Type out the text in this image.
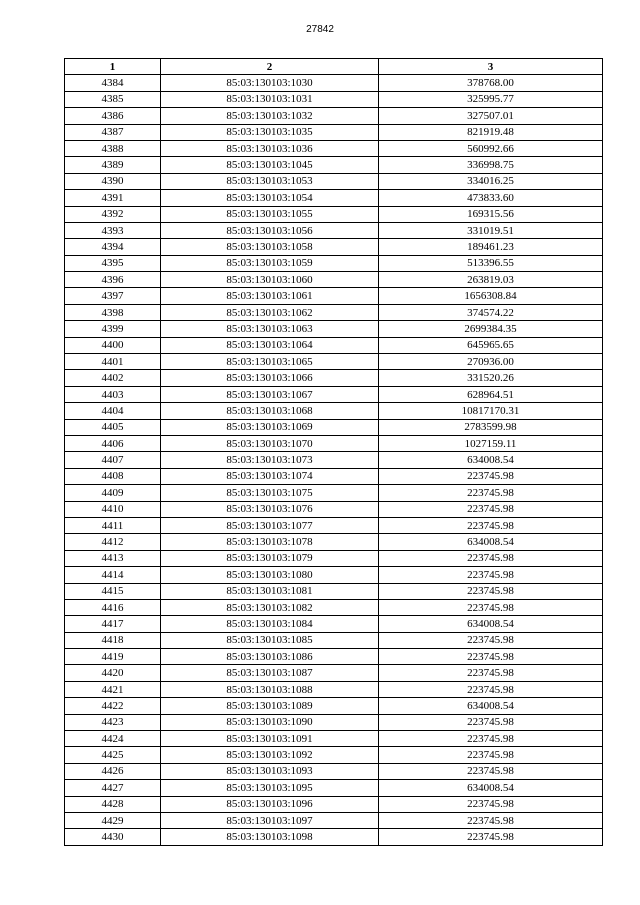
27842
1	2	3
4384	85:03:130103:1030	378768.00
4385	85:03:130103:1031	325995.77
4386	85:03:130103:1032	327507.01
4387	85:03:130103:1035	821919.48
4388	85:03:130103:1036	560992.66
4389	85:03:130103:1045	336998.75
4390	85:03:130103:1053	334016.25
4391	85:03:130103:1054	473833.60
4392	85:03:130103:1055	169315.56
4393	85:03:130103:1056	331019.51
4394	85:03:130103:1058	189461.23
4395	85:03:130103:1059	513396.55
4396	85:03:130103:1060	263819.03
4397	85:03:130103:1061	1656308.84
4398	85:03:130103:1062	374574.22
4399	85:03:130103:1063	2699384.35
4400	85:03:130103:1064	645965.65
4401	85:03:130103:1065	270936.00
4402	85:03:130103:1066	331520.26
4403	85:03:130103:1067	628964.51
4404	85:03:130103:1068	10817170.31
4405	85:03:130103:1069	2783599.98
4406	85:03:130103:1070	1027159.11
4407	85:03:130103:1073	634008.54
4408	85:03:130103:1074	223745.98
4409	85:03:130103:1075	223745.98
4410	85:03:130103:1076	223745.98
4411	85:03:130103:1077	223745.98
4412	85:03:130103:1078	634008.54
4413	85:03:130103:1079	223745.98
4414	85:03:130103:1080	223745.98
4415	85:03:130103:1081	223745.98
4416	85:03:130103:1082	223745.98
4417	85:03:130103:1084	634008.54
4418	85:03:130103:1085	223745.98
4419	85:03:130103:1086	223745.98
4420	85:03:130103:1087	223745.98
4421	85:03:130103:1088	223745.98
4422	85:03:130103:1089	634008.54
4423	85:03:130103:1090	223745.98
4424	85:03:130103:1091	223745.98
4425	85:03:130103:1092	223745.98
4426	85:03:130103:1093	223745.98
4427	85:03:130103:1095	634008.54
4428	85:03:130103:1096	223745.98
4429	85:03:130103:1097	223745.98
4430	85:03:130103:1098	223745.98
